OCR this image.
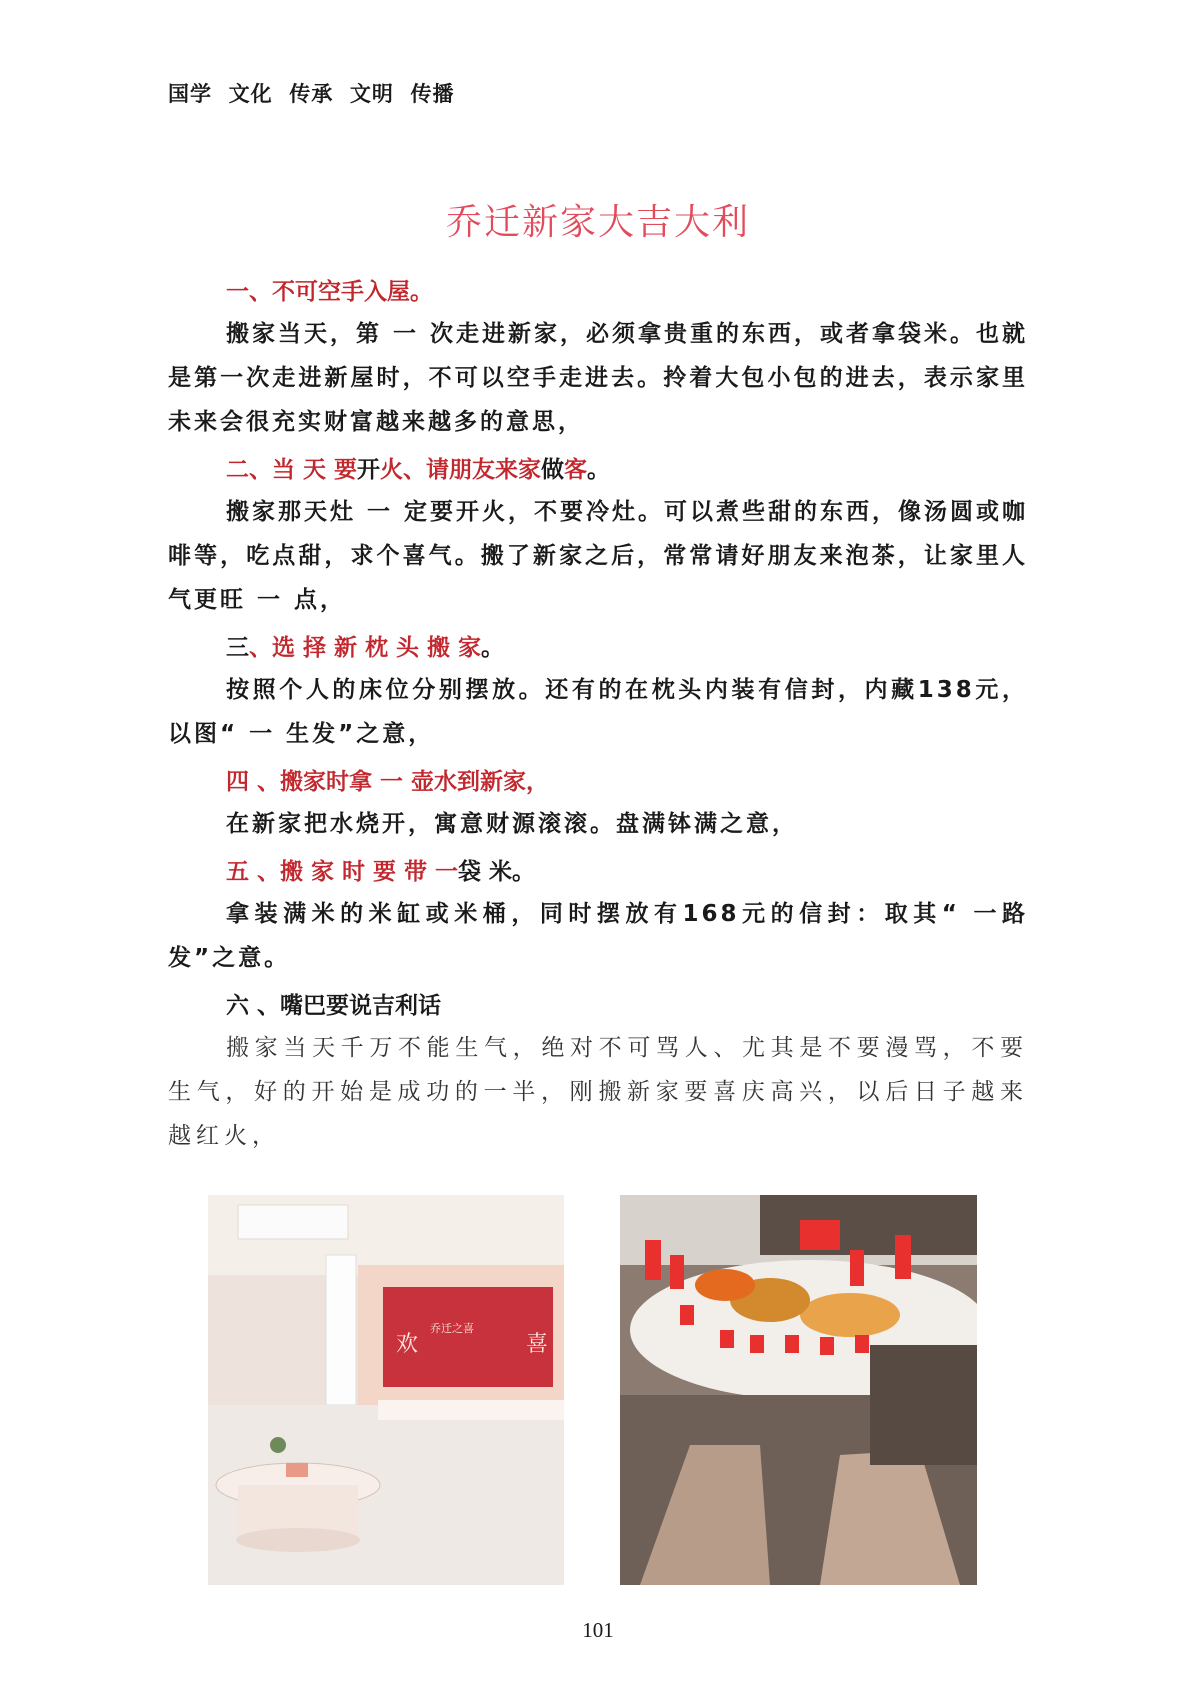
国学  文化  传承  文明  传播
乔迁新家大吉大利
一、不可空手入屋。
搬家当天，第 一 次走进新家，必须拿贵重的东西，或者拿袋米。也就是第一次走进新屋时，不可以空手走进去。拎着大包小包的进去，表示家里未来会很充实财富越来越多的意思，
二、当 天 要开火、请朋友来家做客。
搬家那天灶 一 定要开火，不要冷灶。可以煮些甜的东西，像汤圆或咖啡等，吃点甜，求个喜气。搬了新家之后，常常请好朋友来泡茶，让家里人气更旺 一 点，
三、选 择 新 枕 头 搬 家。
按照个人的床位分别摆放。还有的在枕头内装有信封，内藏138元，以图“ 一 生发”之意，
四 、搬家时拿 一 壶水到新家，
在新家把水烧开，寓意财源滚滚。盘满钵满之意，
五 、搬 家 时 要 带 一袋 米。
拿装满米的米缸或米桶，同时摆放有168元的信封：取其“ 一路发”之意。
六 、嘴巴要说吉利话
搬家当天千万不能生气，绝对不可骂人、尤其是不要漫骂，不要生气，好的开始是成功的一半，刚搬新家要喜庆高兴，以后日子越来越红火，
欢	喜
乔迁之喜
101
